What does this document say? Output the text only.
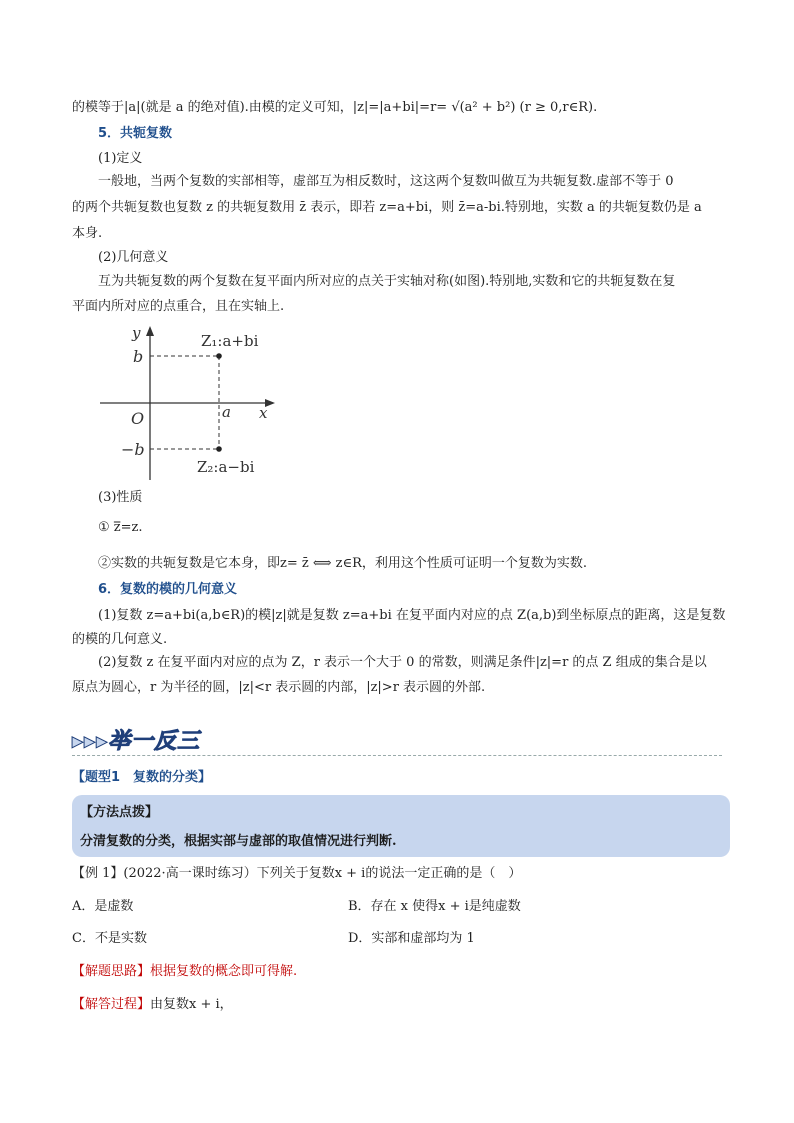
的模等于|a|(就是 a 的绝对值).由模的定义可知，|z|=|a+bi|=r= √(a² + b²) (r ≥ 0,r∈R).
5．共轭复数
(1)定义
一般地，当两个复数的实部相等，虚部互为相反数时，这这两个复数叫做互为共轭复数.虚部不等于 0
的两个共轭复数也复数 z 的共轭复数用 z̄ 表示，即若 z=a+bi，则 z̄=a-bi.特别地，实数 a 的共轭复数仍是 a
本身.
(2)几何意义
互为共轭复数的两个复数在复平面内所对应的点关于实轴对称(如图).特别地,实数和它的共轭复数在复
平面内所对应的点重合，且在实轴上.
y
x
O
b
−b
a
Z₁:a+bi
Z₂:a−bi
(3)性质
① z̿=z.
②实数的共轭复数是它本身，即z= z̄ ⟺ z∈R，利用这个性质可证明一个复数为实数.
6．复数的模的几何意义
(1)复数 z=a+bi(a,b∈R)的模|z|就是复数 z=a+bi 在复平面内对应的点 Z(a,b)到坐标原点的距离，这是复数
的模的几何意义.
(2)复数 z 在复平面内对应的点为 Z，r 表示一个大于 0 的常数，则满足条件|z|=r 的点 Z 组成的集合是以
原点为圆心，r 为半径的圆，|z|<r 表示圆的内部，|z|>r 表示圆的外部.
▸▸▸举一反三
【题型1　复数的分类】
【方法点拨】
分清复数的分类，根据实部与虚部的取值情况进行判断.
【例 1】(2022·高一课时练习）下列关于复数x + i的说法一定正确的是（　）
A．是虚数	B．存在 x 使得x + i是纯虚数
C．不是实数	D．实部和虚部均为 1
【解题思路】根据复数的概念即可得解.
【解答过程】由复数x + i，
